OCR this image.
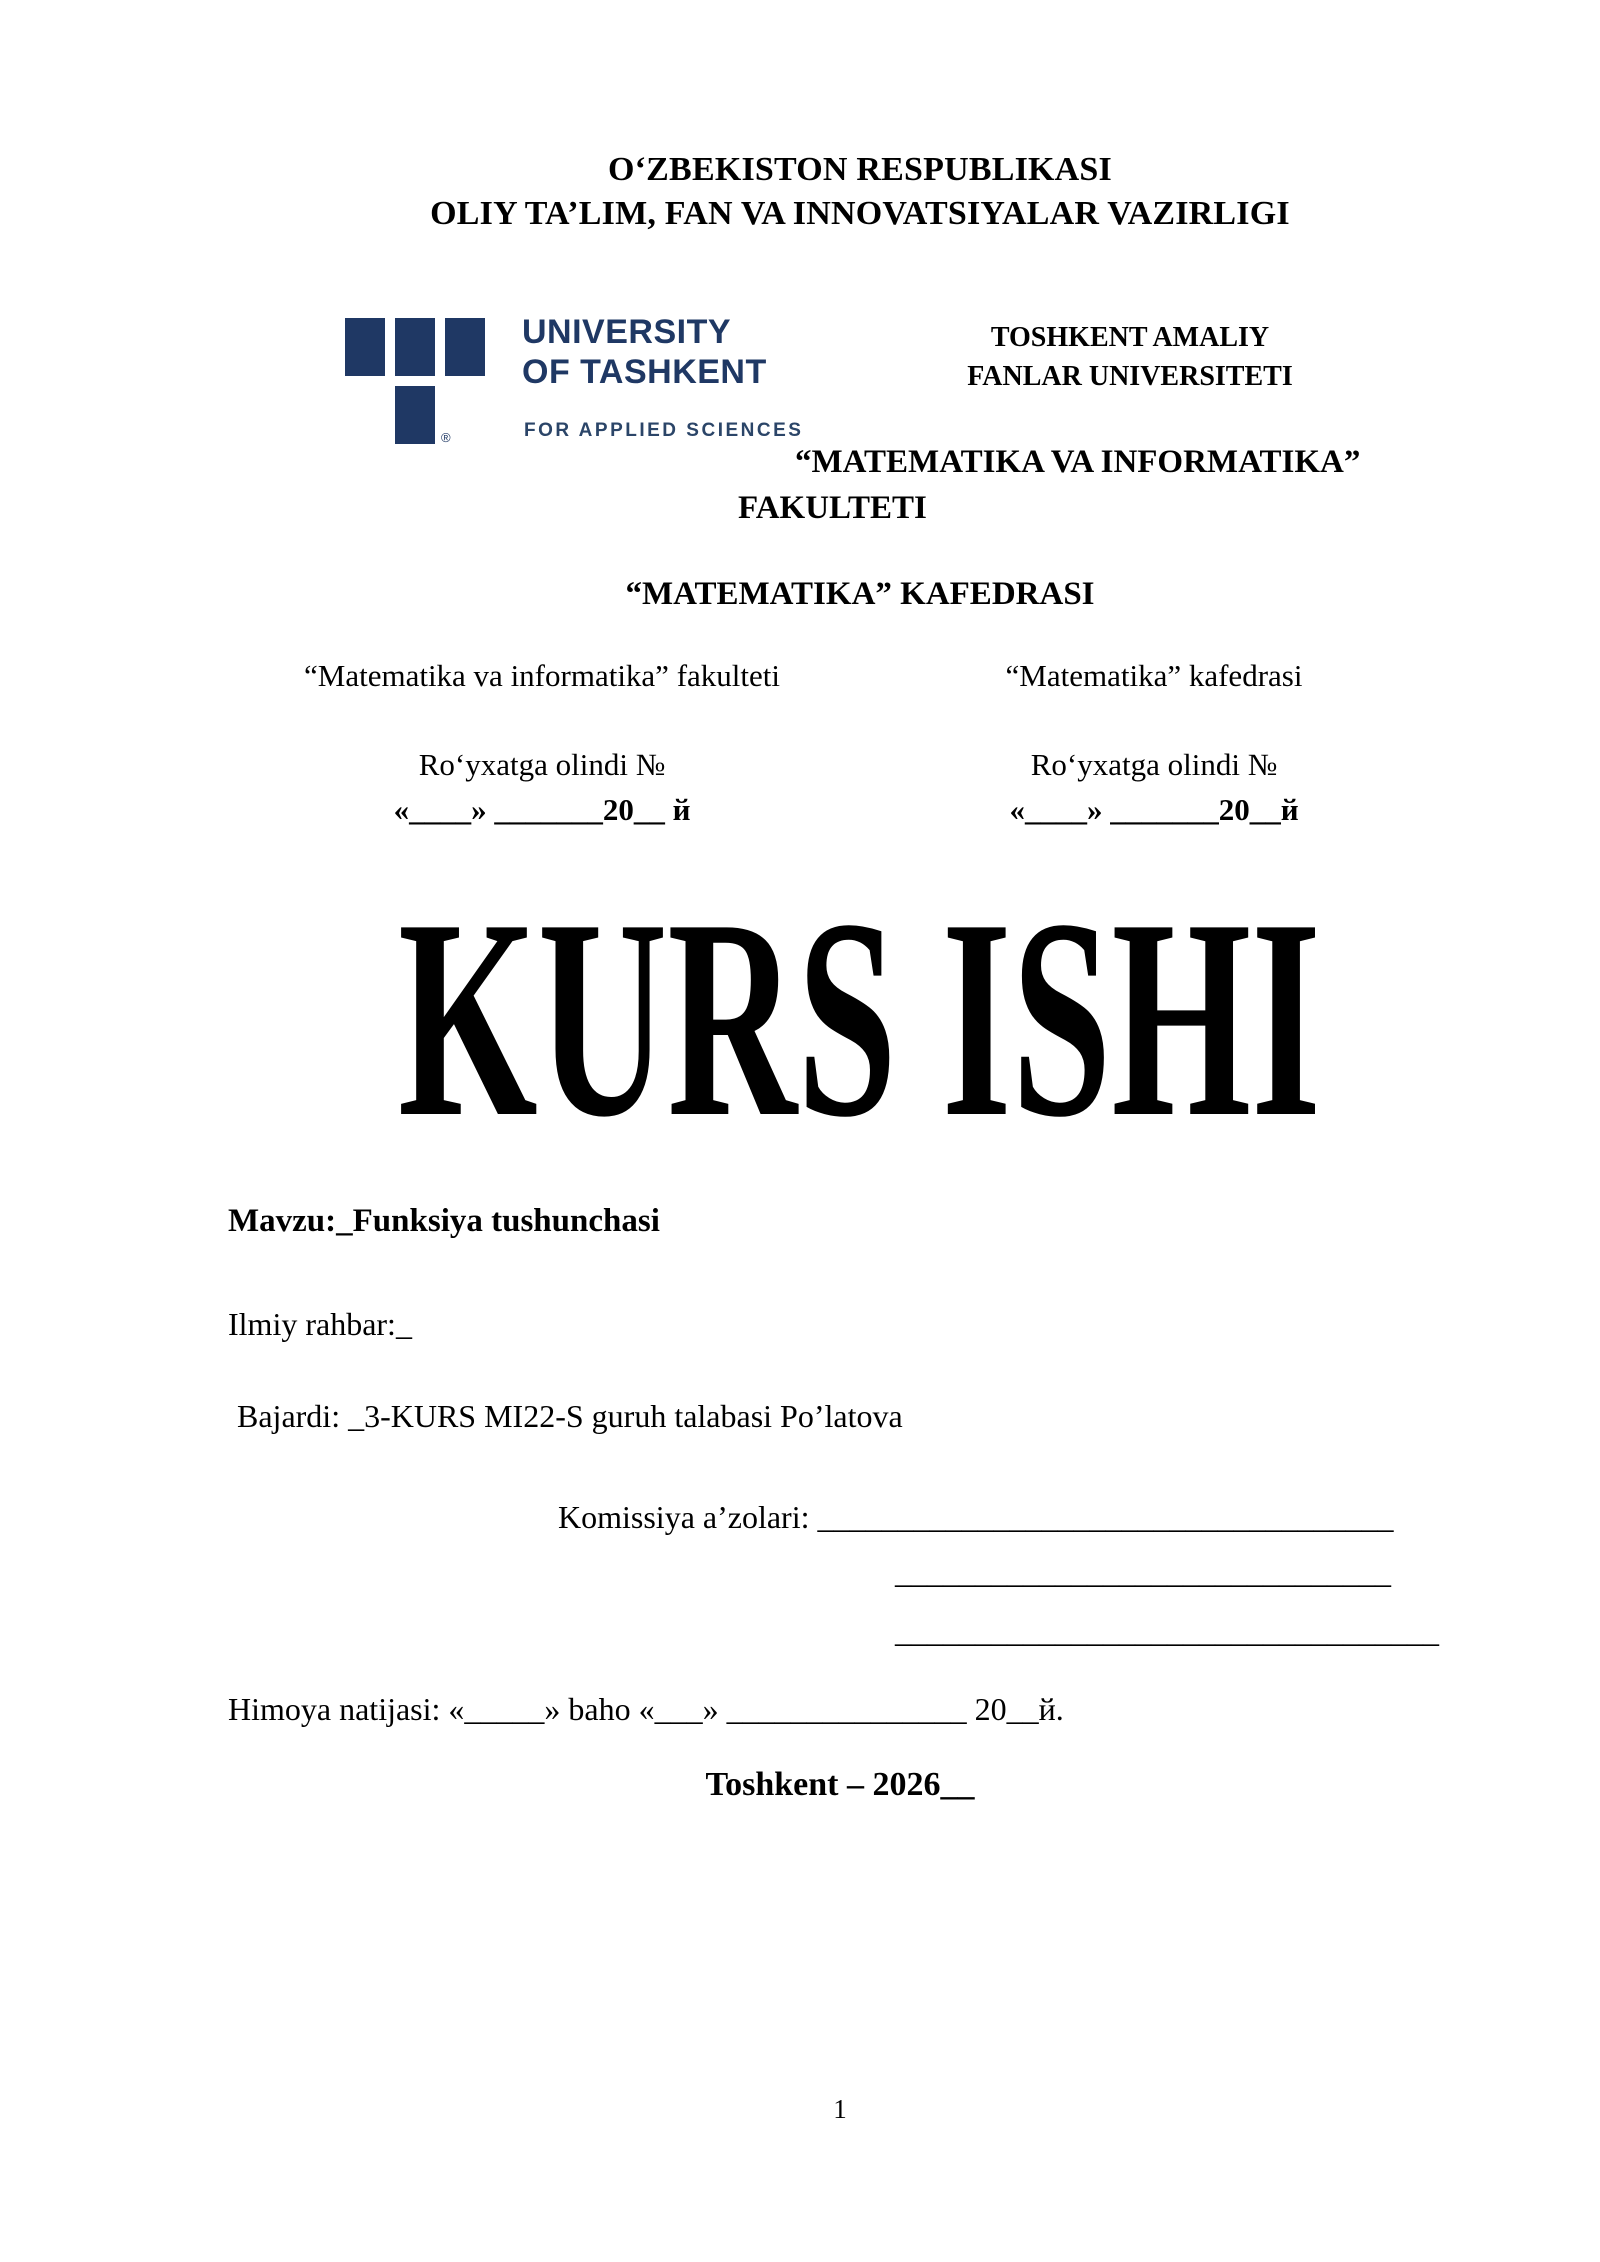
O‘ZBEKISTON RESPUBLIKASI
OLIY TA’LIM, FAN VA INNOVATSIYALAR VAZIRLIGI
®
UNIVERSITY
OF TASHKENT
FOR APPLIED SCIENCES
TOSHKENT AMALIY
FANLAR UNIVERSITETI
“MATEMATIKA VA INFORMATIKA”
FAKULTETI
“MATEMATIKA” KAFEDRASI
“Matematika va informatika” fakulteti	“Matematika” kafedrasi
Ro‘yxatga olindi №	Ro‘yxatga olindi №
«____» _______20__ й	«____» _______20__й
KURS ISHI
Mavzu:_Funksiya tushunchasi
Ilmiy rahbar:_
Bajardi: _3-KURS MI22-S guruh talabasi Po’latova
Komissiya a’zolari: ____________________________________
_______________________________
__________________________________
Himoya natijasi: «_____» baho «___» _______________ 20__й.
Toshkent – 2026__
1
